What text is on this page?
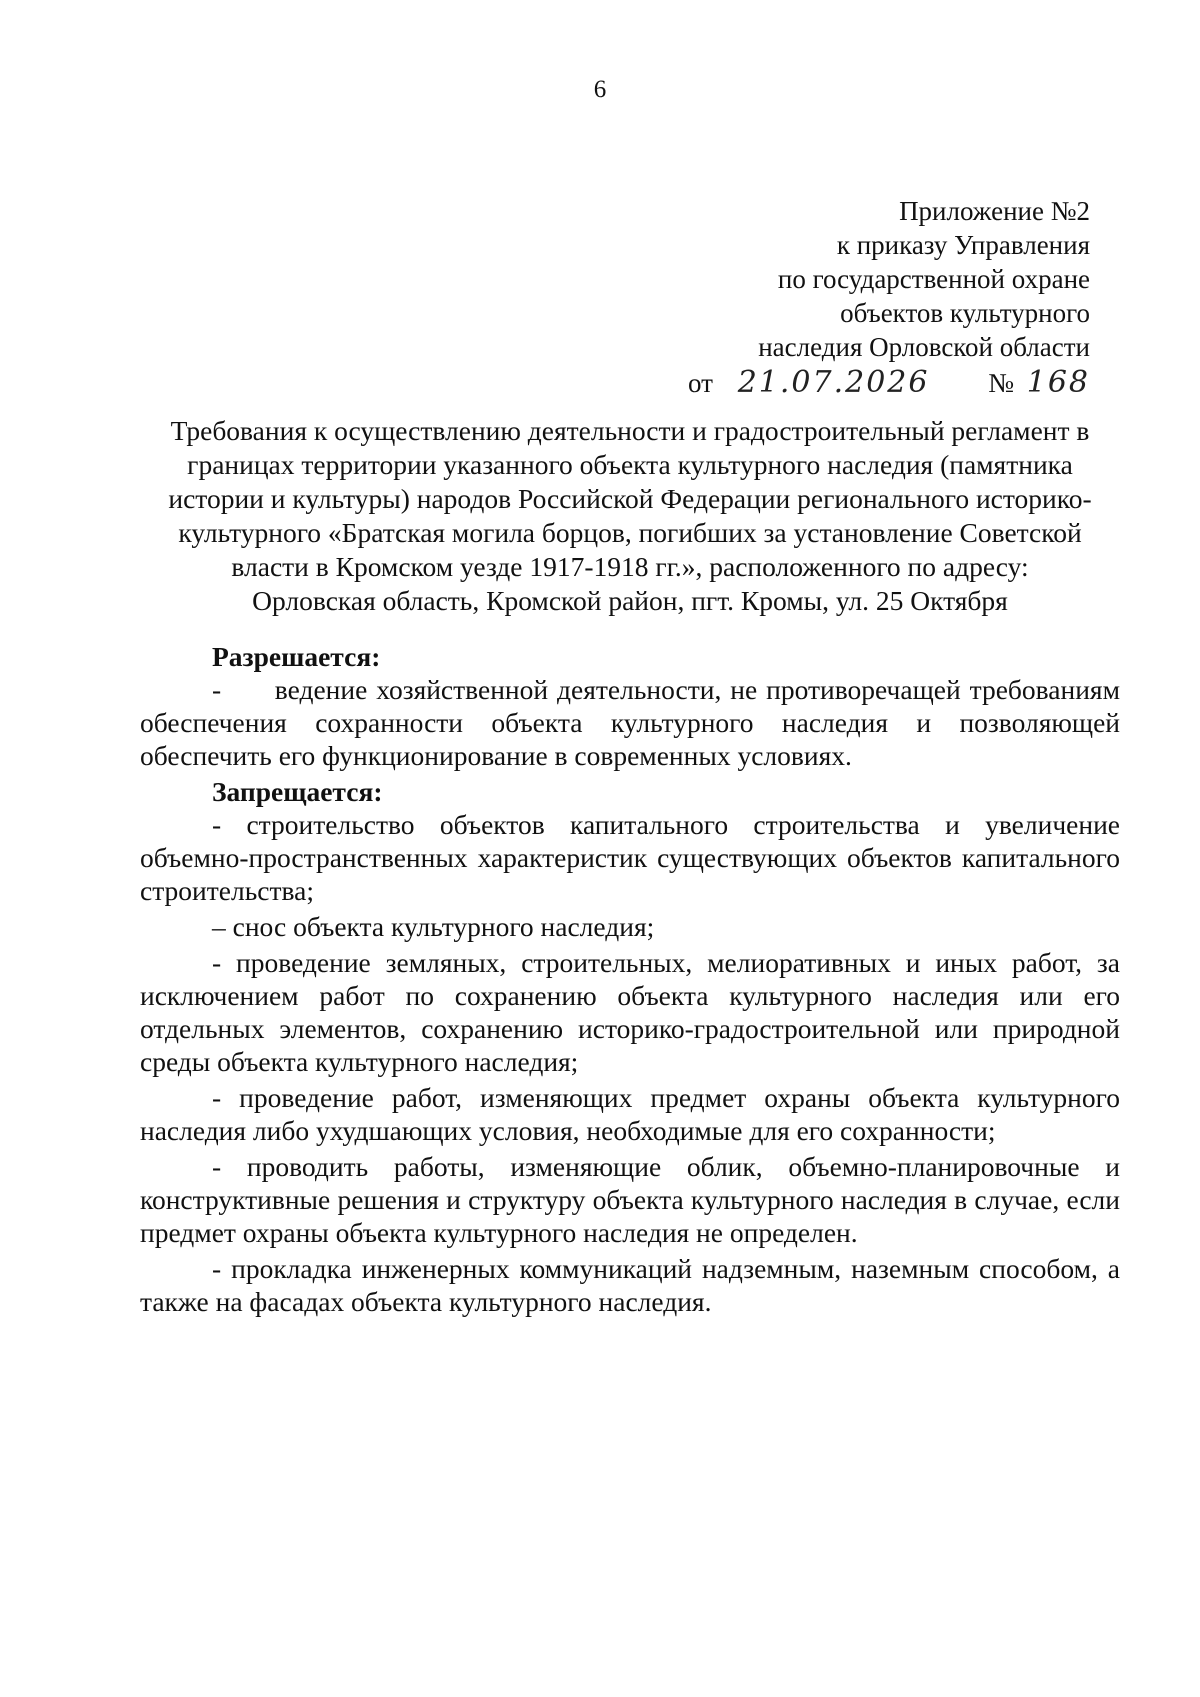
6
Приложение №2
к приказу Управления
по государственной охране
объектов культурного
наследия Орловской области
от 21.07.2026 № 168
Требования к осуществлению деятельности и градостроительный регламент в
границах территории указанного объекта культурного наследия (памятника
истории и культуры) народов Российской Федерации регионального историко-
культурного «Братская могила борцов, погибших за установление Советской
власти в Кромском уезде 1917-1918 гг.», расположенного по адресу:
Орловская область, Кромской район, пгт. Кромы, ул. 25 Октября
Разрешается:
-      ведение хозяйственной деятельности, не противоречащей требованиям обеспечения сохранности объекта культурного наследия и позволяющей обеспечить его функционирование в современных условиях.
Запрещается:
- строительство объектов капитального строительства и увеличение объемно-пространственных характеристик существующих объектов капитального строительства;
– снос объекта культурного наследия;
- проведение земляных, строительных, мелиоративных и иных работ, за исключением работ по сохранению объекта культурного наследия или его отдельных элементов, сохранению историко-градостроительной или природной среды объекта культурного наследия;
- проведение работ, изменяющих предмет охраны объекта культурного наследия либо ухудшающих условия, необходимые для его сохранности;
- проводить работы, изменяющие облик, объемно-планировочные и конструктивные решения и структуру объекта культурного наследия в случае, если предмет охраны объекта культурного наследия не определен.
- прокладка инженерных коммуникаций надземным, наземным способом, а также на фасадах объекта культурного наследия.
